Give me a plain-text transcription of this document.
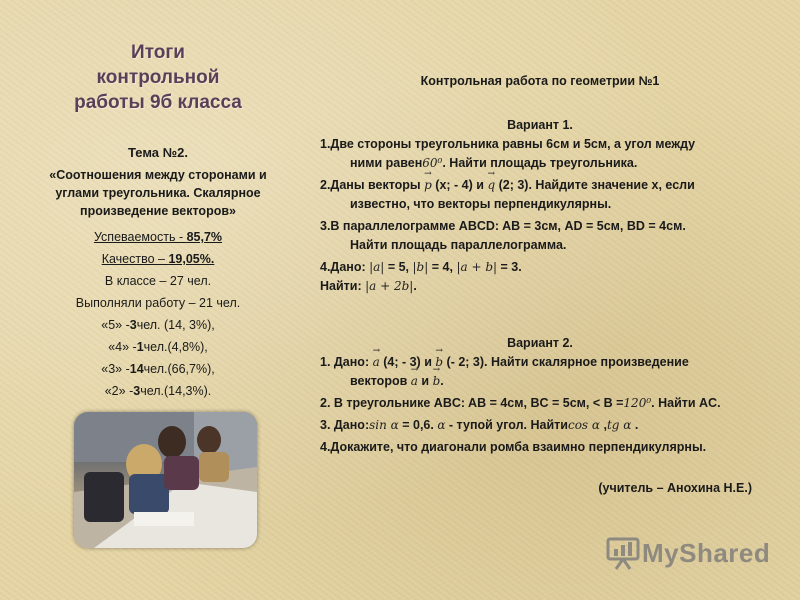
Итоги
контрольной
работы 9б класса
Тема №2.
«Соотношения между сторонами и
углами треугольника. Скалярное
произведение векторов»
Успеваемость - 85,7%
Качество – 19,05%.
В классе – 27 чел.
Выполняли работу – 21 чел.
«5» -3чел. (14, 3%),
«4» -1чел.(4,8%),
«3» -14чел.(66,7%),
«2» -3чел.(14,3%).
Контрольная работа по геометрии №1
Вариант 1.
1.Две стороны треугольника равны 6см и 5см, а угол между
ними равен60⁰. Найти площадь треугольника.
2.Даны векторы → p (x; - 4) и → q (2; 3). Найдите значение х, если
известно, что векторы перпендикулярны.
3.В параллелограмме ABCD: AB = 3см, AD = 5см, BD = 4см.
Найти площадь параллелограмма.
4.Дано: |a| = 5, |b| = 4, |a + b| = 3.
Найти: |a + 2b|.
Вариант 2.
1. Дано: → a (4; - 3) и → b (- 2; 3). Найти скалярное произведение
векторов → a и → b.
2. В треугольнике ABC: AB = 4см, BC = 5см, < B =120⁰. Найти AC.
3. Дано:sin α = 0,6. α - тупой угол. Найтиcos α ,tg α .
4.Докажите, что диагонали ромба взаимно перпендикулярны.
(учитель – Анохина Н.Е.)
MyShared
